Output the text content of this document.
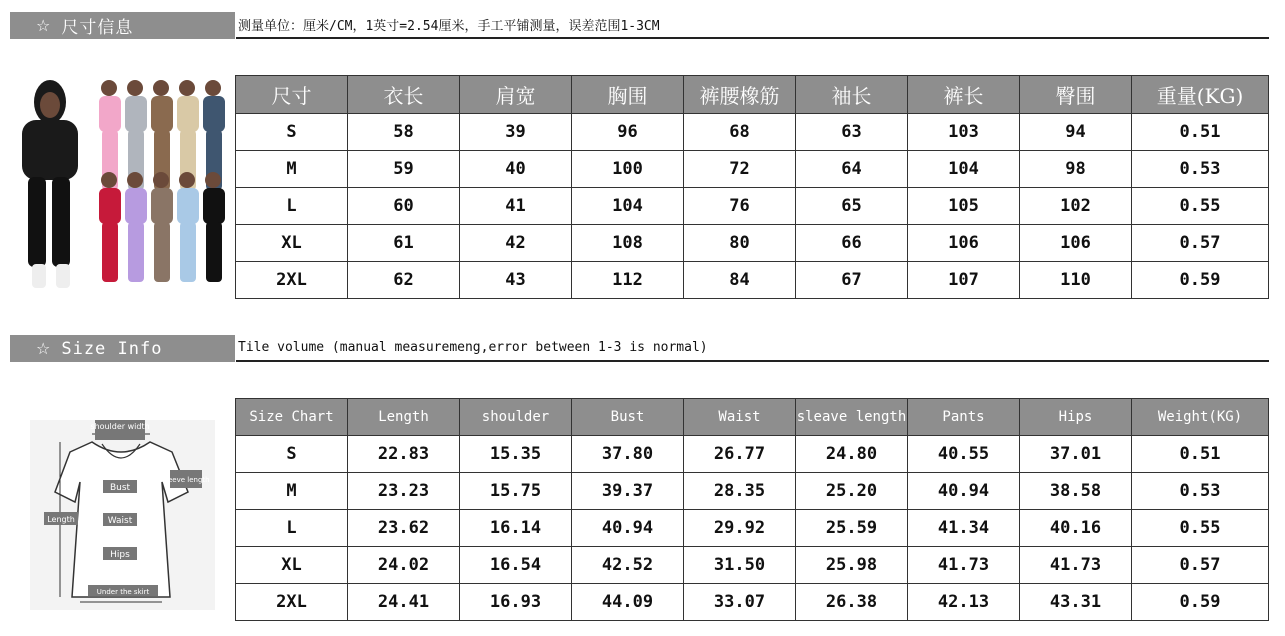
☆ 尺寸信息	测量单位：厘米/CM，1英寸=2.54厘米，手工平铺测量，误差范围1-3CM
尺寸	衣长	肩宽	胸围	裤腰橡筋	袖长	裤长	臀围	重量(KG)
S	58	39	96	68	63	103	94	0.51
M	59	40	100	72	64	104	98	0.53
L	60	41	104	76	65	105	102	0.55
XL	61	42	108	80	66	106	106	0.57
2XL	62	43	112	84	67	107	110	0.59
☆ Size Info	Tile volume (manual measuremeng,error between 1-3 is normal)
shoulder width
sleeve length
Bust
Waist
Hips
Length
Under the skirt
Size Chart	Length	shoulder	Bust	Waist	sleave length	Pants	Hips	Weight(KG)
S	22.83	15.35	37.80	26.77	24.80	40.55	37.01	0.51
M	23.23	15.75	39.37	28.35	25.20	40.94	38.58	0.53
L	23.62	16.14	40.94	29.92	25.59	41.34	40.16	0.55
XL	24.02	16.54	42.52	31.50	25.98	41.73	41.73	0.57
2XL	24.41	16.93	44.09	33.07	26.38	42.13	43.31	0.59
